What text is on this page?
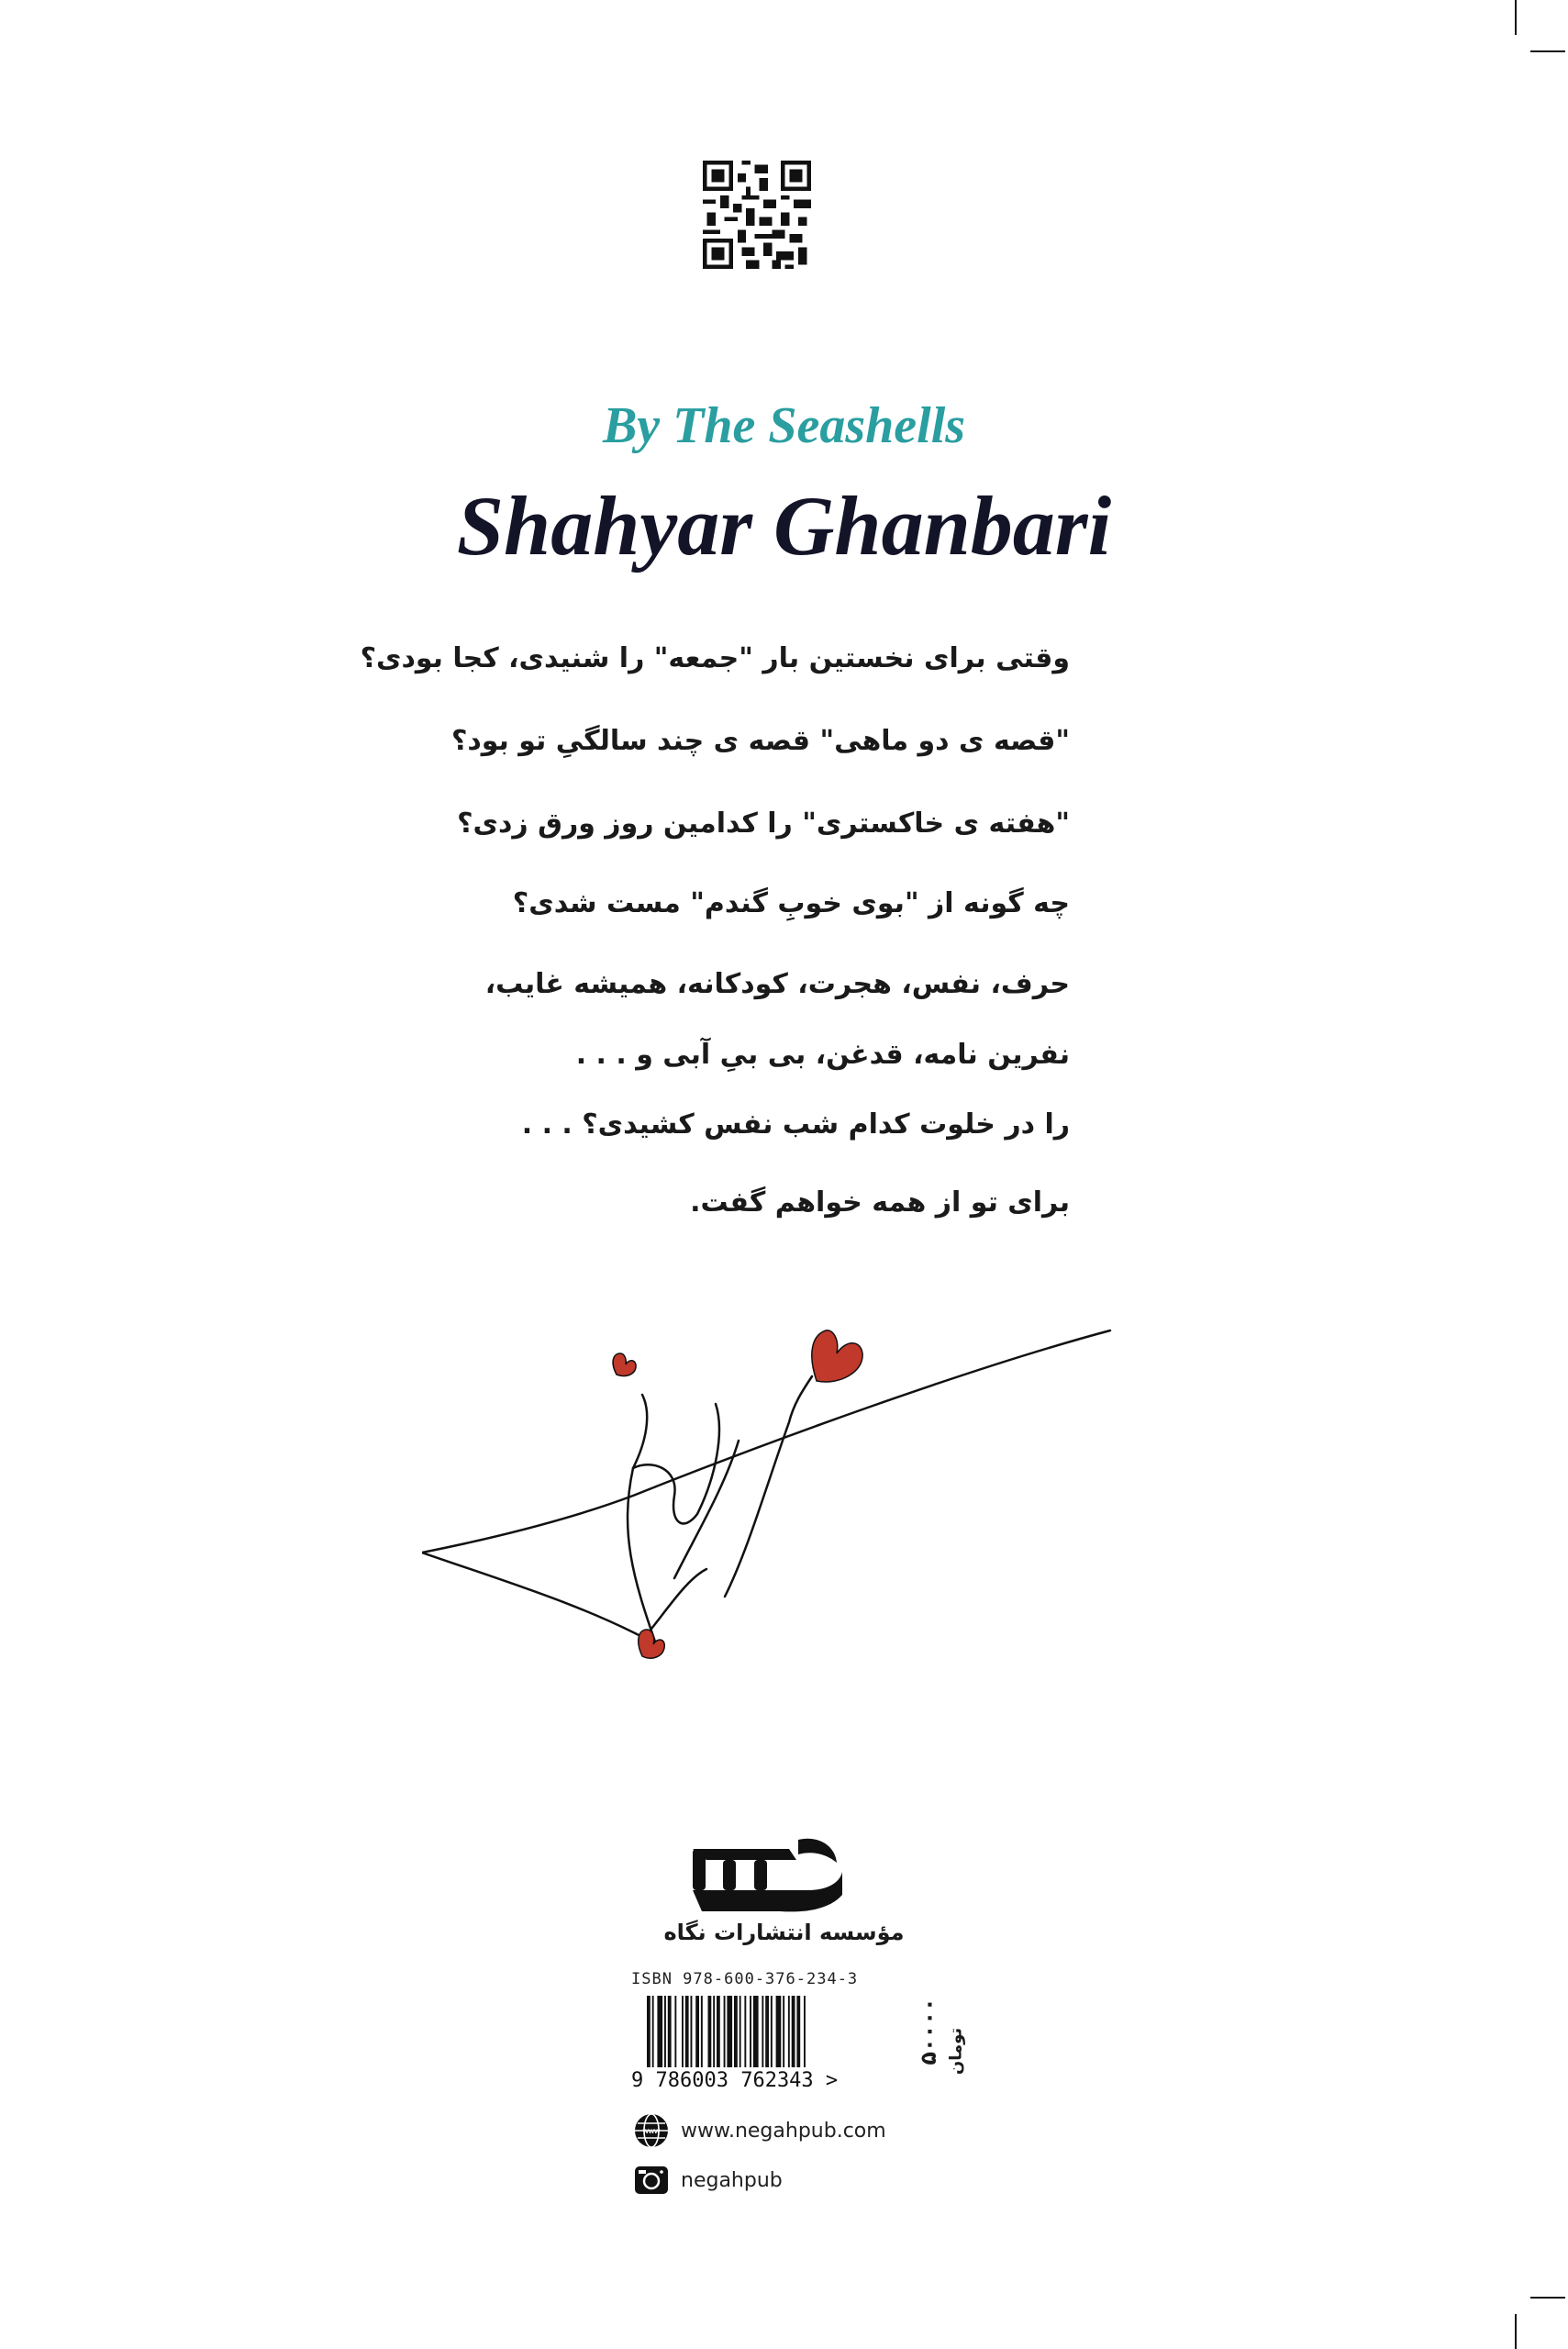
By The Seashells
Shahyar Ghanbari

وقتی برای نخستین بار "جمعه" را شنیدی، کجا بودی؟

"قصه ی دو ماهی" قصه ی چند سالگیِ تو بود؟

"هفته ی خاکستری" را کدامین روز ورق زدی؟

چه گونه از "بوی خوبِ گندم" مست شدی؟

حرف، نفس، هجرت، کودکانه، همیشه غایب،

نفرین نامه، قدغن، بی بیِ آبی و . . .

را در خلوت کدام شب نفس کشیدی؟ . . .

برای تو از همه خواهم گفت.

مؤسسه انتشارات نگاه
ISBN 978-600-376-234-3
9 786003 762343 >
۵۰۰۰۰ تومان
www www.negahpub.com
negahpub
